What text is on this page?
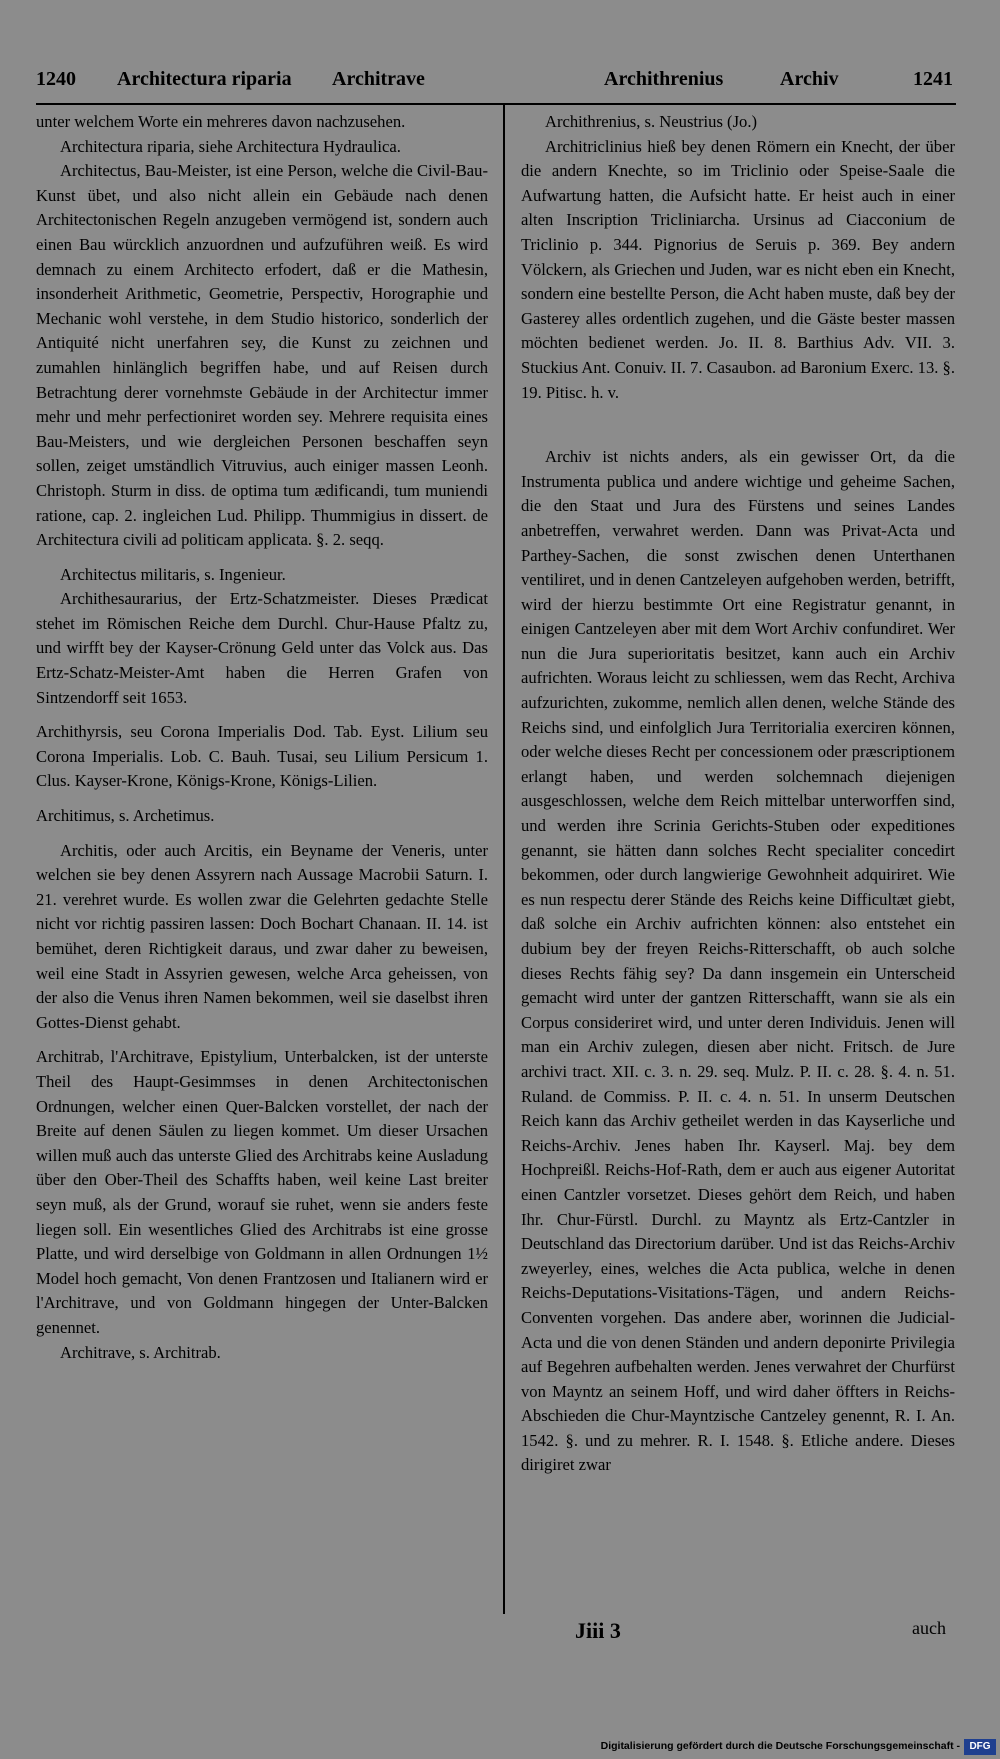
1240 Architectura riparia Architrave	Archithrenius	Archiv	1241

unter welchem Worte ein mehreres davon nachzusehen.

Architectura riparia, siehe Architectura Hydraulica.

Architectus, Bau-Meister, ist eine Person, welche die Civil-Bau-Kunst übet, und also nicht allein ein Gebäude nach denen Architectonischen Regeln anzugeben vermögend ist, sondern auch einen Bau würcklich anzuordnen und aufzuführen weiß. Es wird demnach zu einem Architecto erfodert, daß er die Mathesin, insonderheit Arithmetic, Geometrie, Perspectiv, Horographie und Mechanic wohl verstehe, in dem Studio historico, sonderlich der Antiquité nicht unerfahren sey, die Kunst zu zeichnen und zumahlen hinlänglich begriffen habe, und auf Reisen durch Betrachtung derer vornehmste Gebäude in der Architectur immer mehr und mehr perfectioniret worden sey. Mehrere requisita eines Bau-Meisters, und wie dergleichen Personen beschaffen seyn sollen, zeiget umständlich Vitruvius, auch einiger massen Leonh. Christoph. Sturm in diss. de optima tum ædificandi, tum muniendi ratione, cap. 2. ingleichen Lud. Philipp. Thummigius in dissert. de Architectura civili ad politicam applicata. §. 2. seqq.

Architectus militaris, s. Ingenieur.

Archithesaurarius, der Ertz-Schatzmeister. Dieses Prædicat stehet im Römischen Reiche dem Durchl. Chur-Hause Pfaltz zu, und wirfft bey der Kayser-Crönung Geld unter das Volck aus. Das Ertz-Schatz-Meister-Amt haben die Herren Grafen von Sintzendorff seit 1653.

Archithyrsis, seu Corona Imperialis Dod. Tab. Eyst. Lilium seu Corona Imperialis. Lob. C. Bauh. Tusai, seu Lilium Persicum 1. Clus. Kayser-Krone, Königs-Krone, Königs-Lilien.

Architimus, s. Archetimus.

Architis, oder auch Arcitis, ein Beyname der Veneris, unter welchen sie bey denen Assyrern nach Aussage Macrobii Saturn. I. 21. verehret wurde. Es wollen zwar die Gelehrten gedachte Stelle nicht vor richtig passiren lassen: Doch Bochart Chanaan. II. 14. ist bemühet, deren Richtigkeit daraus, und zwar daher zu beweisen, weil eine Stadt in Assyrien gewesen, welche Arca geheissen, von der also die Venus ihren Namen bekommen, weil sie daselbst ihren Gottes-Dienst gehabt.

Architrab, l'Architrave, Epistylium, Unterbalcken, ist der unterste Theil des Haupt-Gesimmses in denen Architectonischen Ordnungen, welcher einen Quer-Balcken vorstellet, der nach der Breite auf denen Säulen zu liegen kommet. Um dieser Ursachen willen muß auch das unterste Glied des Architrabs keine Ausladung über den Ober-Theil des Schaffts haben, weil keine Last breiter seyn muß, als der Grund, worauf sie ruhet, wenn sie anders feste liegen soll. Ein wesentliches Glied des Architrabs ist eine grosse Platte, und wird derselbige von Goldmann in allen Ordnungen 1½ Model hoch gemacht, Von denen Frantzosen und Italianern wird er l'Architrave, und von Goldmann hingegen der Unter-Balcken genennet.

Architrave, s. Architrab.

Archithrenius, s. Neustrius (Jo.)

Architriclinius hieß bey denen Römern ein Knecht, der über die andern Knechte, so im Triclinio oder Speise-Saale die Aufwartung hatten, die Aufsicht hatte. Er heist auch in einer alten Inscription Tricliniarcha. Ursinus ad Ciacconium de Triclinio p. 344. Pignorius de Seruis p. 369. Bey andern Völckern, als Griechen und Juden, war es nicht eben ein Knecht, sondern eine bestellte Person, die Acht haben muste, daß bey der Gasterey alles ordentlich zugehen, und die Gäste bester massen möchten bedienet werden. Jo. II. 8. Barthius Adv. VII. 3. Stuckius Ant. Conuiv. II. 7. Casaubon. ad Baronium Exerc. 13. §. 19. Pitisc. h. v.

Archiv ist nichts anders, als ein gewisser Ort, da die Instrumenta publica und andere wichtige und geheime Sachen, die den Staat und Jura des Fürstens und seines Landes anbetreffen, verwahret werden. Dann was Privat-Acta und Parthey-Sachen, die sonst zwischen denen Unterthanen ventiliret, und in denen Cantzeleyen aufgehoben werden, betrifft, wird der hierzu bestimmte Ort eine Registratur genannt, in einigen Cantzeleyen aber mit dem Wort Archiv confundiret. Wer nun die Jura superioritatis besitzet, kann auch ein Archiv aufrichten. Woraus leicht zu schliessen, wem das Recht, Archiva aufzurichten, zukomme, nemlich allen denen, welche Stände des Reichs sind, und einfolglich Jura Territorialia exerciren können, oder welche dieses Recht per concessionem oder præscriptionem erlangt haben, und werden solchemnach diejenigen ausgeschlossen, welche dem Reich mittelbar unterworffen sind, und werden ihre Scrinia Gerichts-Stuben oder expeditiones genannt, sie hätten dann solches Recht specialiter concedirt bekommen, oder durch langwierige Gewohnheit adquiriret. Wie es nun respectu derer Stände des Reichs keine Difficultæt giebt, daß solche ein Archiv aufrichten können: also entstehet ein dubium bey der freyen Reichs-Ritterschafft, ob auch solche dieses Rechts fähig sey? Da dann insgemein ein Unterscheid gemacht wird unter der gantzen Ritterschafft, wann sie als ein Corpus consideriret wird, und unter deren Individuis. Jenen will man ein Archiv zulegen, diesen aber nicht. Fritsch. de Jure archivi tract. XII. c. 3. n. 29. seq. Mulz. P. II. c. 28. §. 4. n. 51. Ruland. de Commiss. P. II. c. 4. n. 51. In unserm Deutschen Reich kann das Archiv getheilet werden in das Kayserliche und Reichs-Archiv. Jenes haben Ihr. Kayserl. Maj. bey dem Hochpreißl. Reichs-Hof-Rath, dem er auch aus eigener Autoritat einen Cantzler vorsetzet. Dieses gehört dem Reich, und haben Ihr. Chur-Fürstl. Durchl. zu Mayntz als Ertz-Cantzler in Deutschland das Directorium darüber. Und ist das Reichs-Archiv zweyerley, eines, welches die Acta publica, welche in denen Reichs-Deputations-Visitations-Tägen, und andern Reichs-Conventen vorgehen. Das andere aber, worinnen die Judicial-Acta und die von denen Ständen und andern deponirte Privilegia auf Begehren aufbehalten werden. Jenes verwahret der Churfürst von Mayntz an seinem Hoff, und wird daher öffters in Reichs-Abschieden die Chur-Mayntzische Cantzeley genennt, R. I. An. 1542. §. und zu mehrer. R. I. 1548. §. Etliche andere. Dieses dirigiret zwar

Jiii 3	auch
Digitalisierung gefördert durch die Deutsche Forschungsgemeinschaft - DFG
